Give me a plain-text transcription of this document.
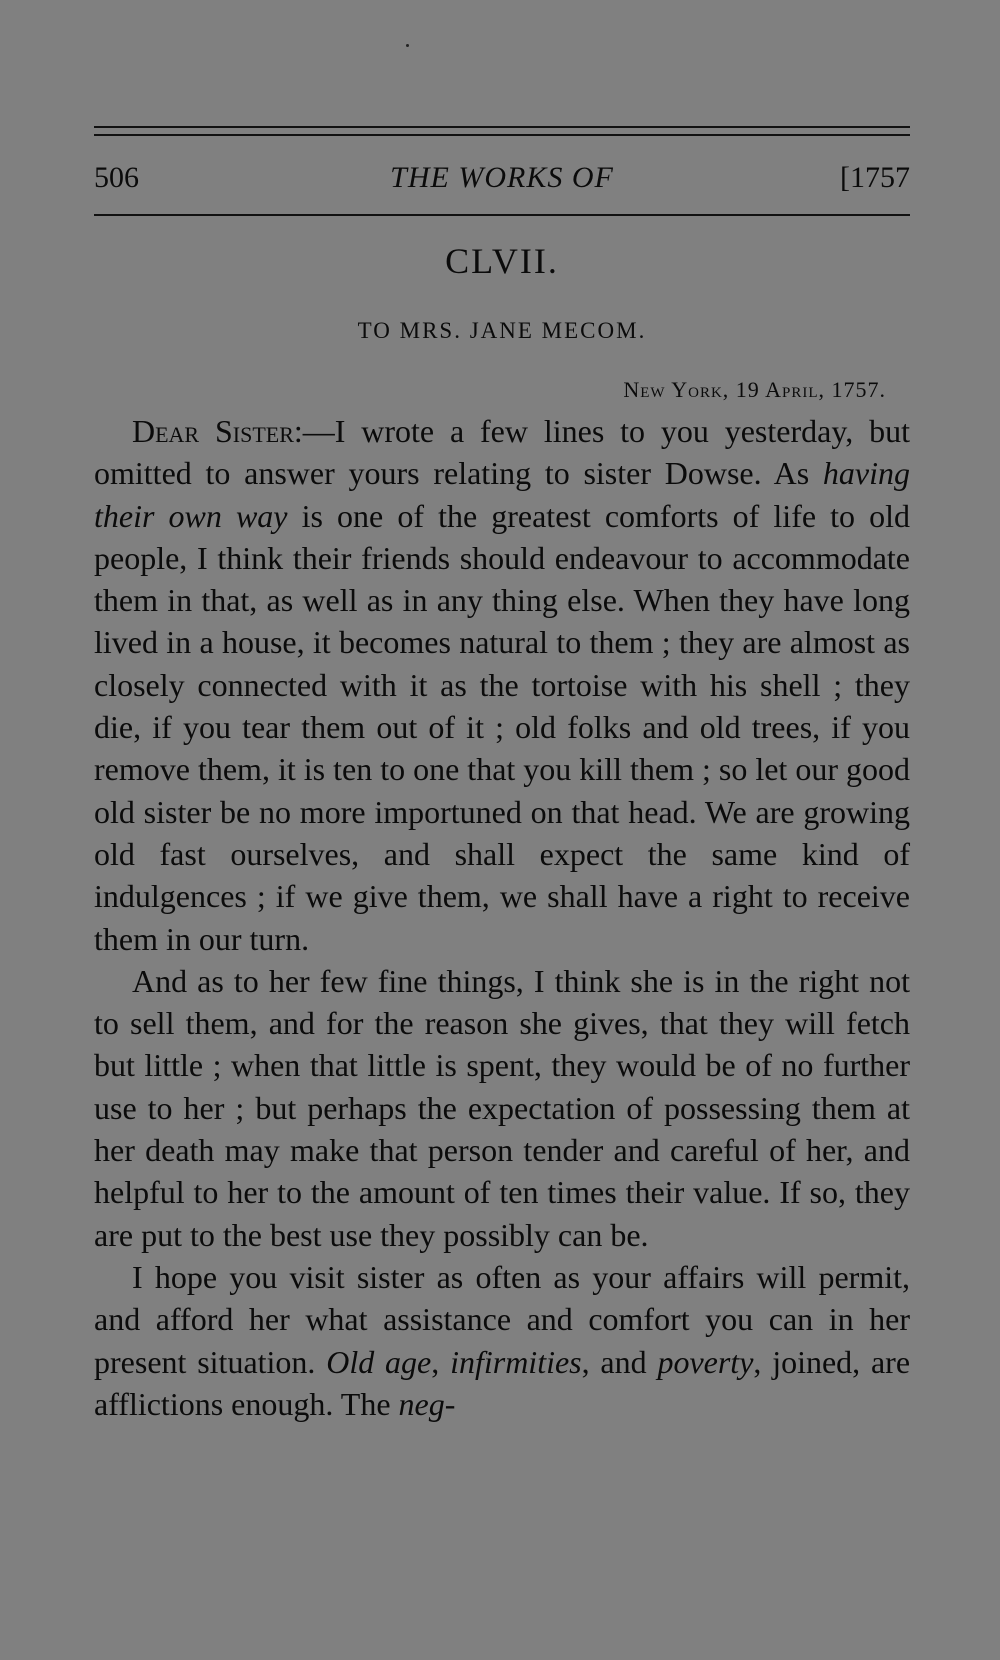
506	THE WORKS OF	[1757
CLVII.
TO MRS. JANE MECOM.
New York, 19 April, 1757.

Dear Sister:—I wrote a few lines to you yesterday, but omitted to answer yours relating to sister Dowse. As having their own way is one of the greatest comforts of life to old people, I think their friends should endeavour to accommodate them in that, as well as in any thing else. When they have long lived in a house, it becomes natural to them ; they are almost as closely connected with it as the tortoise with his shell ; they die, if you tear them out of it ; old folks and old trees, if you remove them, it is ten to one that you kill them ; so let our good old sister be no more importuned on that head. We are growing old fast ourselves, and shall expect the same kind of indulgences ; if we give them, we shall have a right to receive them in our turn.

And as to her few fine things, I think she is in the right not to sell them, and for the reason she gives, that they will fetch but little ; when that little is spent, they would be of no further use to her ; but perhaps the expectation of possessing them at her death may make that person tender and careful of her, and helpful to her to the amount of ten times their value. If so, they are put to the best use they possibly can be.

I hope you visit sister as often as your affairs will permit, and afford her what assistance and comfort you can in her present situation. Old age, infirmities, and poverty, joined, are afflictions enough. The neg-
